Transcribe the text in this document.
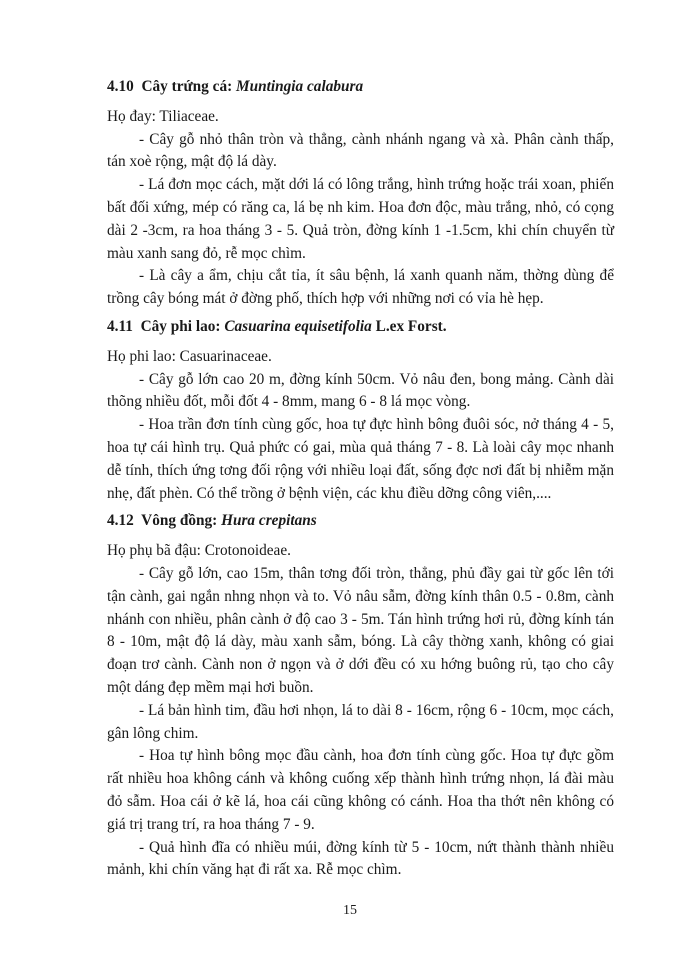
4.10 Cây trứng cá: Muntingia calabura

Họ đay: Tiliaceae.

- Cây gỗ nhỏ thân tròn và thẳng, cành nhánh ngang và xà. Phân cành thấp, tán xoè rộng, mật độ lá dày.

- Lá đơn mọc cách, mặt dới lá có lông trắng, hình trứng hoặc trái xoan, phiến bất đối xứng, mép có răng ca, lá bẹ nh kim. Hoa đơn độc, màu trắng, nhỏ, có cọng dài 2 -3cm, ra hoa tháng 3 - 5. Quả tròn, đờng kính 1 -1.5cm, khi chín chuyển từ màu xanh sang đỏ, rễ mọc chìm.

- Là cây a ẩm, chịu cắt tỉa, ít sâu bệnh, lá xanh quanh năm, thờng dùng để trồng cây bóng mát ở đờng phố, thích hợp với những nơi có vỉa hè hẹp.

4.11 Cây phi lao: Casuarina equisetifolia L.ex Forst.

Họ phi lao: Casuarinaceae.

- Cây gỗ lớn cao 20 m, đờng kính 50cm. Vỏ nâu đen, bong mảng. Cành dài thõng nhiều đốt, mỗi đốt 4 - 8mm, mang 6 - 8 lá mọc vòng.

- Hoa trần đơn tính cùng gốc, hoa tự đực hình bông đuôi sóc, nở tháng 4 - 5, hoa tự cái hình trụ. Quả phức có gai, mùa quả tháng 7 - 8. Là loài cây mọc nhanh dễ tính, thích ứng tơng đối rộng với nhiều loại đất, sống đợc nơi đất bị nhiễm mặn nhẹ, đất phèn. Có thể trồng ở bệnh viện, các khu điều dỡng công viên,....

4.12 Vông đồng: Hura crepitans

Họ phụ bã đậu: Crotonoideae.

- Cây gỗ lớn, cao 15m, thân tơng đối tròn, thẳng, phủ đầy gai từ gốc lên tới tận cành, gai ngắn nhng nhọn và to. Vỏ nâu sẫm, đờng kính thân 0.5 - 0.8m, cành nhánh con nhiều, phân cành ở độ cao 3 - 5m. Tán hình trứng hơi rủ, đờng kính tán 8 - 10m, mật độ lá dày, màu xanh sẫm, bóng. Là cây thờng xanh, không có giai đoạn trơ cành. Cành non ở ngọn và ở dới đều có xu hớng buông rủ, tạo cho cây một dáng đẹp mềm mại hơi buồn.

- Lá bản hình tim, đầu hơi nhọn, lá to dài 8 - 16cm, rộng 6 - 10cm, mọc cách, gân lông chim.

- Hoa tự hình bông mọc đầu cành, hoa đơn tính cùng gốc. Hoa tự đực gồm rất nhiều hoa không cánh và không cuống xếp thành hình trứng nhọn, lá đài màu đỏ sẫm. Hoa cái ở kẽ lá, hoa cái cũng không có cánh. Hoa tha thớt nên không có giá trị trang trí, ra hoa tháng 7 - 9.

- Quả hình đĩa có nhiều múi, đờng kính từ 5 - 10cm, nứt thành thành nhiều mảnh, khi chín văng hạt đi rất xa. Rễ mọc chìm.

15
